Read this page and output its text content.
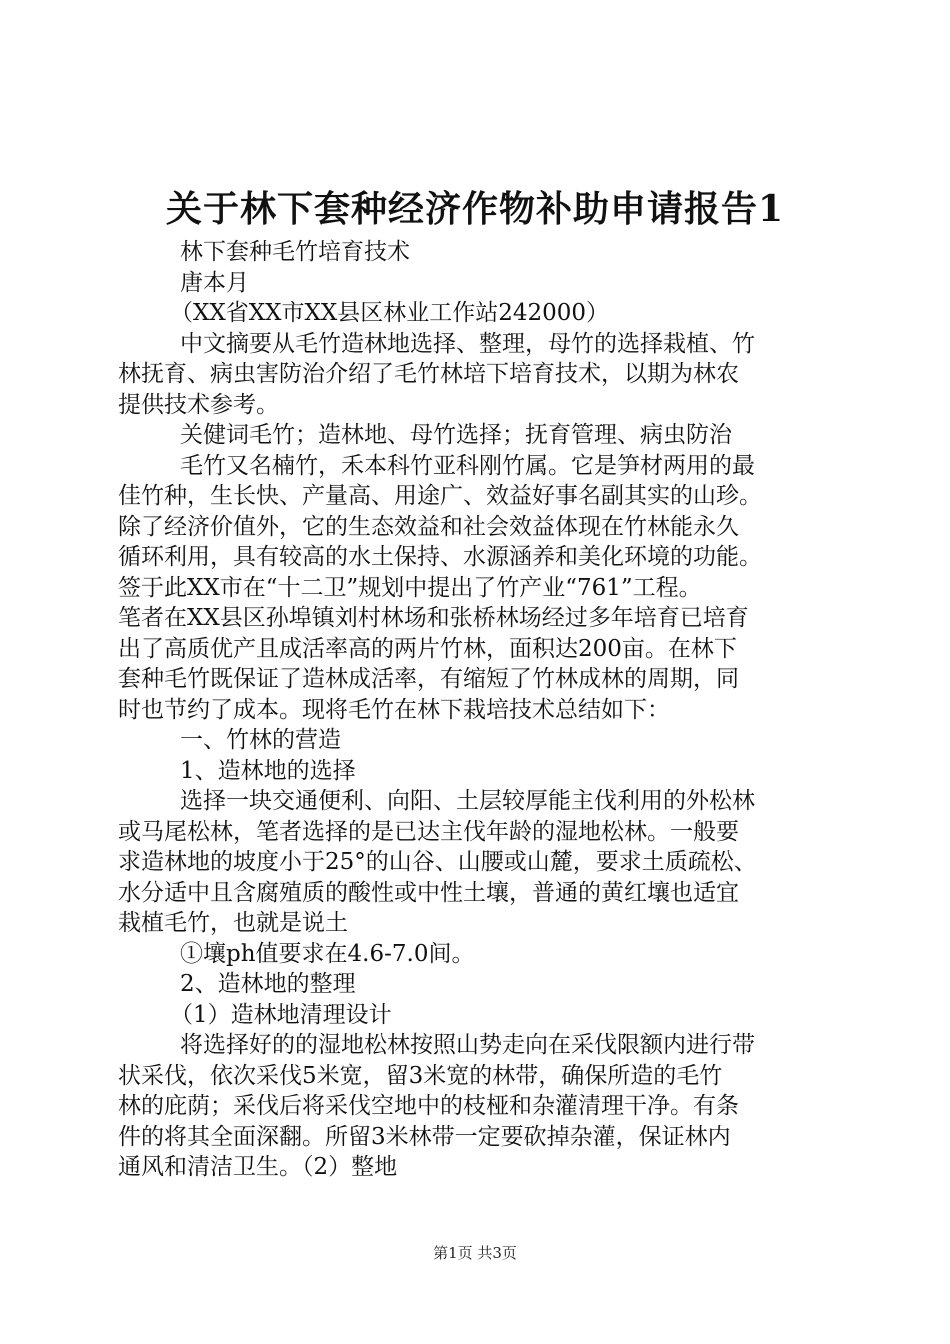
关于林下套种经济作物补助申请报告1
林下套种毛竹培育技术
唐本月
（XX省XX市XX县区林业工作站242000）
中文摘要从毛竹造林地选择、整理，母竹的选择栽植、竹
林抚育、病虫害防治介绍了毛竹林培下培育技术，以期为林农
提供技术参考。
关健词毛竹；造林地、母竹选择；抚育管理、病虫防治
毛竹又名楠竹，禾本科竹亚科刚竹属。它是笋材两用的最
佳竹种，生长快、产量高、用途广、效益好事名副其实的山珍。
除了经济价值外，它的生态效益和社会效益体现在竹林能永久
循环利用，具有较高的水土保持、水源涵养和美化环境的功能。
签于此XX市在“十二卫”规划中提出了竹产业“761”工程。
笔者在XX县区孙埠镇刘村林场和张桥林场经过多年培育已培育
出了高质优产且成活率高的两片竹林，面积达200亩。在林下
套种毛竹既保证了造林成活率，有缩短了竹林成林的周期，同
时也节约了成本。现将毛竹在林下栽培技术总结如下：
一、竹林的营造
1、造林地的选择
选择一块交通便利、向阳、土层较厚能主伐利用的外松林
或马尾松林，笔者选择的是已达主伐年龄的湿地松林。一般要
求造林地的坡度小于25°的山谷、山腰或山麓，要求土质疏松、
水分适中且含腐殖质的酸性或中性土壤，普通的黄红壤也适宜
栽植毛竹，也就是说土
①壤ph值要求在4.6-7.0间。
2、造林地的整理
（1）造林地清理设计
将选择好的的湿地松林按照山势走向在采伐限额内进行带
状采伐，依次采伐5米宽，留3米宽的林带，确保所造的毛竹
林的庇荫；采伐后将采伐空地中的枝桠和杂灌清理干净。有条
件的将其全面深翻。所留3米林带一定要砍掉杂灌，保证林内
通风和清洁卫生。（2）整地
第1页 共3页
